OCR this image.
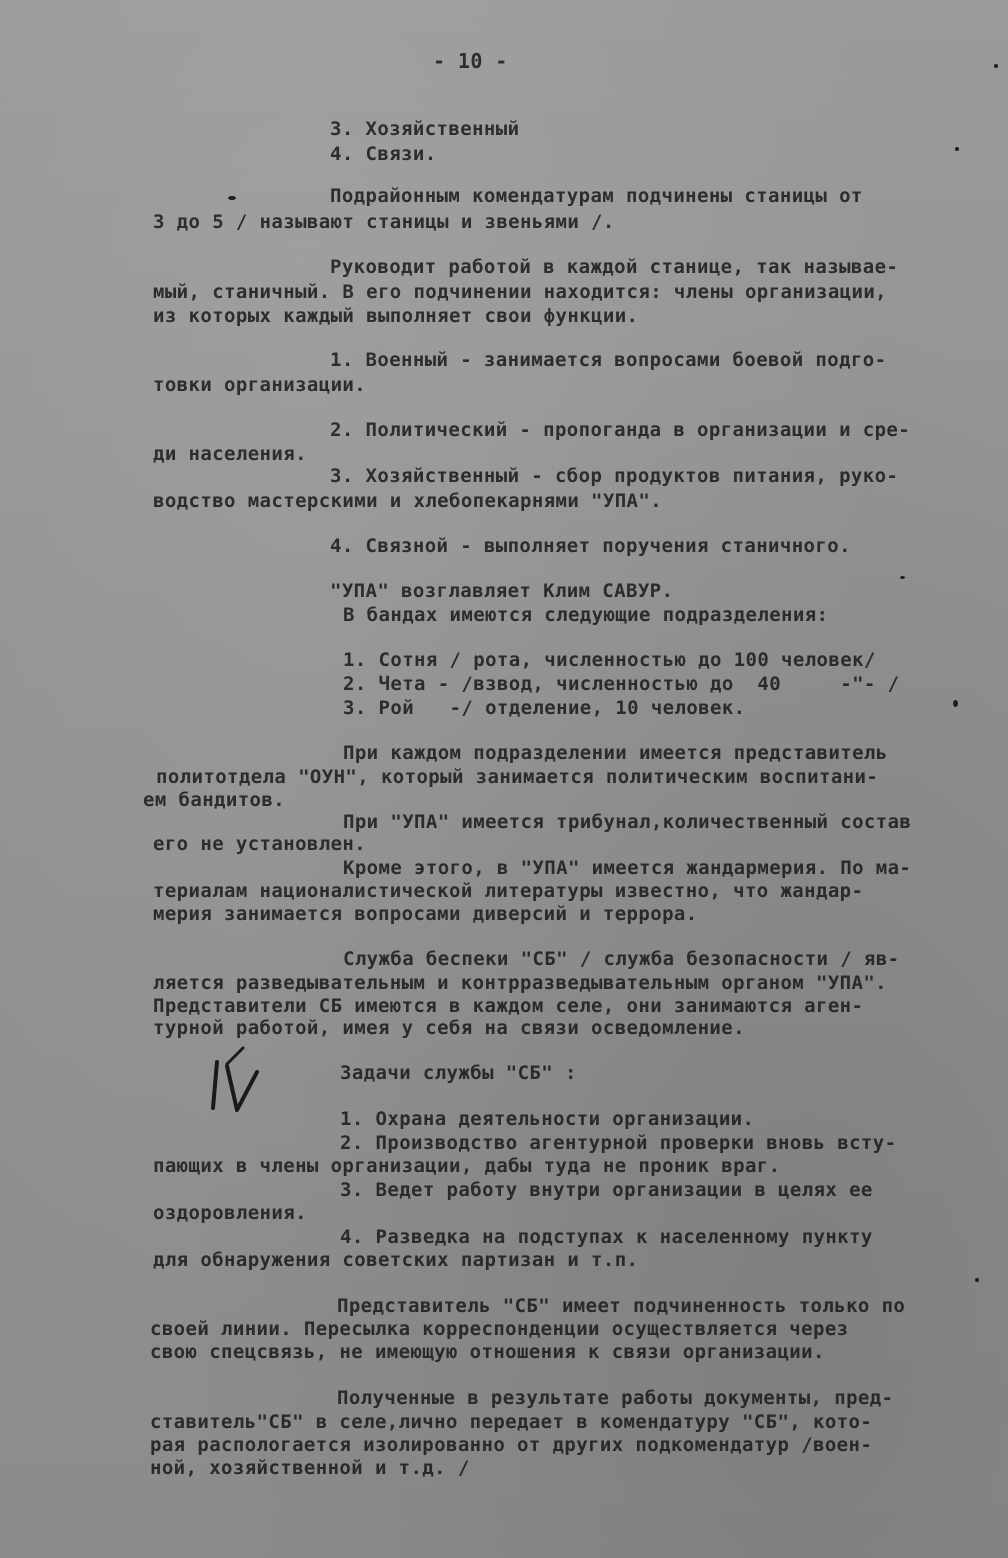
- 10 -
3. Хозяйственный
4. Связи.
Подрайонным комендатурам подчинены станицы от
3 до 5 / называют станицы и звеньями /.
Руководит работой в каждой станице, так называе-
мый, станичный. В его подчинении находится: члены организации,
из которых каждый выполняет свои функции.
1. Военный - занимается вопросами боевой подго-
товки организации.
2. Политический - пропоганда в организации и сре-
ди населения.
3. Хозяйственный - сбор продуктов питания, руко-
водство мастерскими и хлебопекарнями "УПА".
4. Связной - выполняет поручения станичного.
"УПА" возглавляет Клим САВУР.
В бандах имеются следующие подразделения:
1. Сотня / рота, численностью до 100 человек/
2. Чета - /взвод, численностью до  40     -"- /
3. Рой   -/ отделение, 10 человек.
При каждом подразделении имеется представитель
политотдела "ОУН", который занимается политическим воспитани-
ем бандитов.
При "УПА" имеется трибунал,количественный состав
его не установлен.
Кроме этого, в "УПА" имеется жандармерия. По ма-
териалам националистической литературы известно, что жандар-
мерия занимается вопросами диверсий и террора.
Служба беспеки "СБ" / служба безопасности / яв-
ляется разведывательным и контрразведывательным органом "УПА".
Представители СБ имеются в каждом селе, они занимаются аген-
турной работой, имея у себя на связи осведомление.
Задачи службы "СБ" :
1. Охрана деятельности организации.
2. Производство агентурной проверки вновь всту-
пающих в члены организации, дабы туда не проник враг.
3. Ведет работу внутри организации в целях ее
оздоровления.
4. Разведка на подступах к населенному пункту
для обнаружения советских партизан и т.п.
Представитель "СБ" имеет подчиненность только по
своей линии. Пересылка корреспонденции осуществляется через
свою спецсвязь, не имеющую отношения к связи организации.
Полученные в результате работы документы, пред-
ставитель"СБ" в селе,лично передает в комендатуру "СБ", кото-
рая распологается изолированно от других подкомендатур /воен-
ной, хозяйственной и т.д. /
